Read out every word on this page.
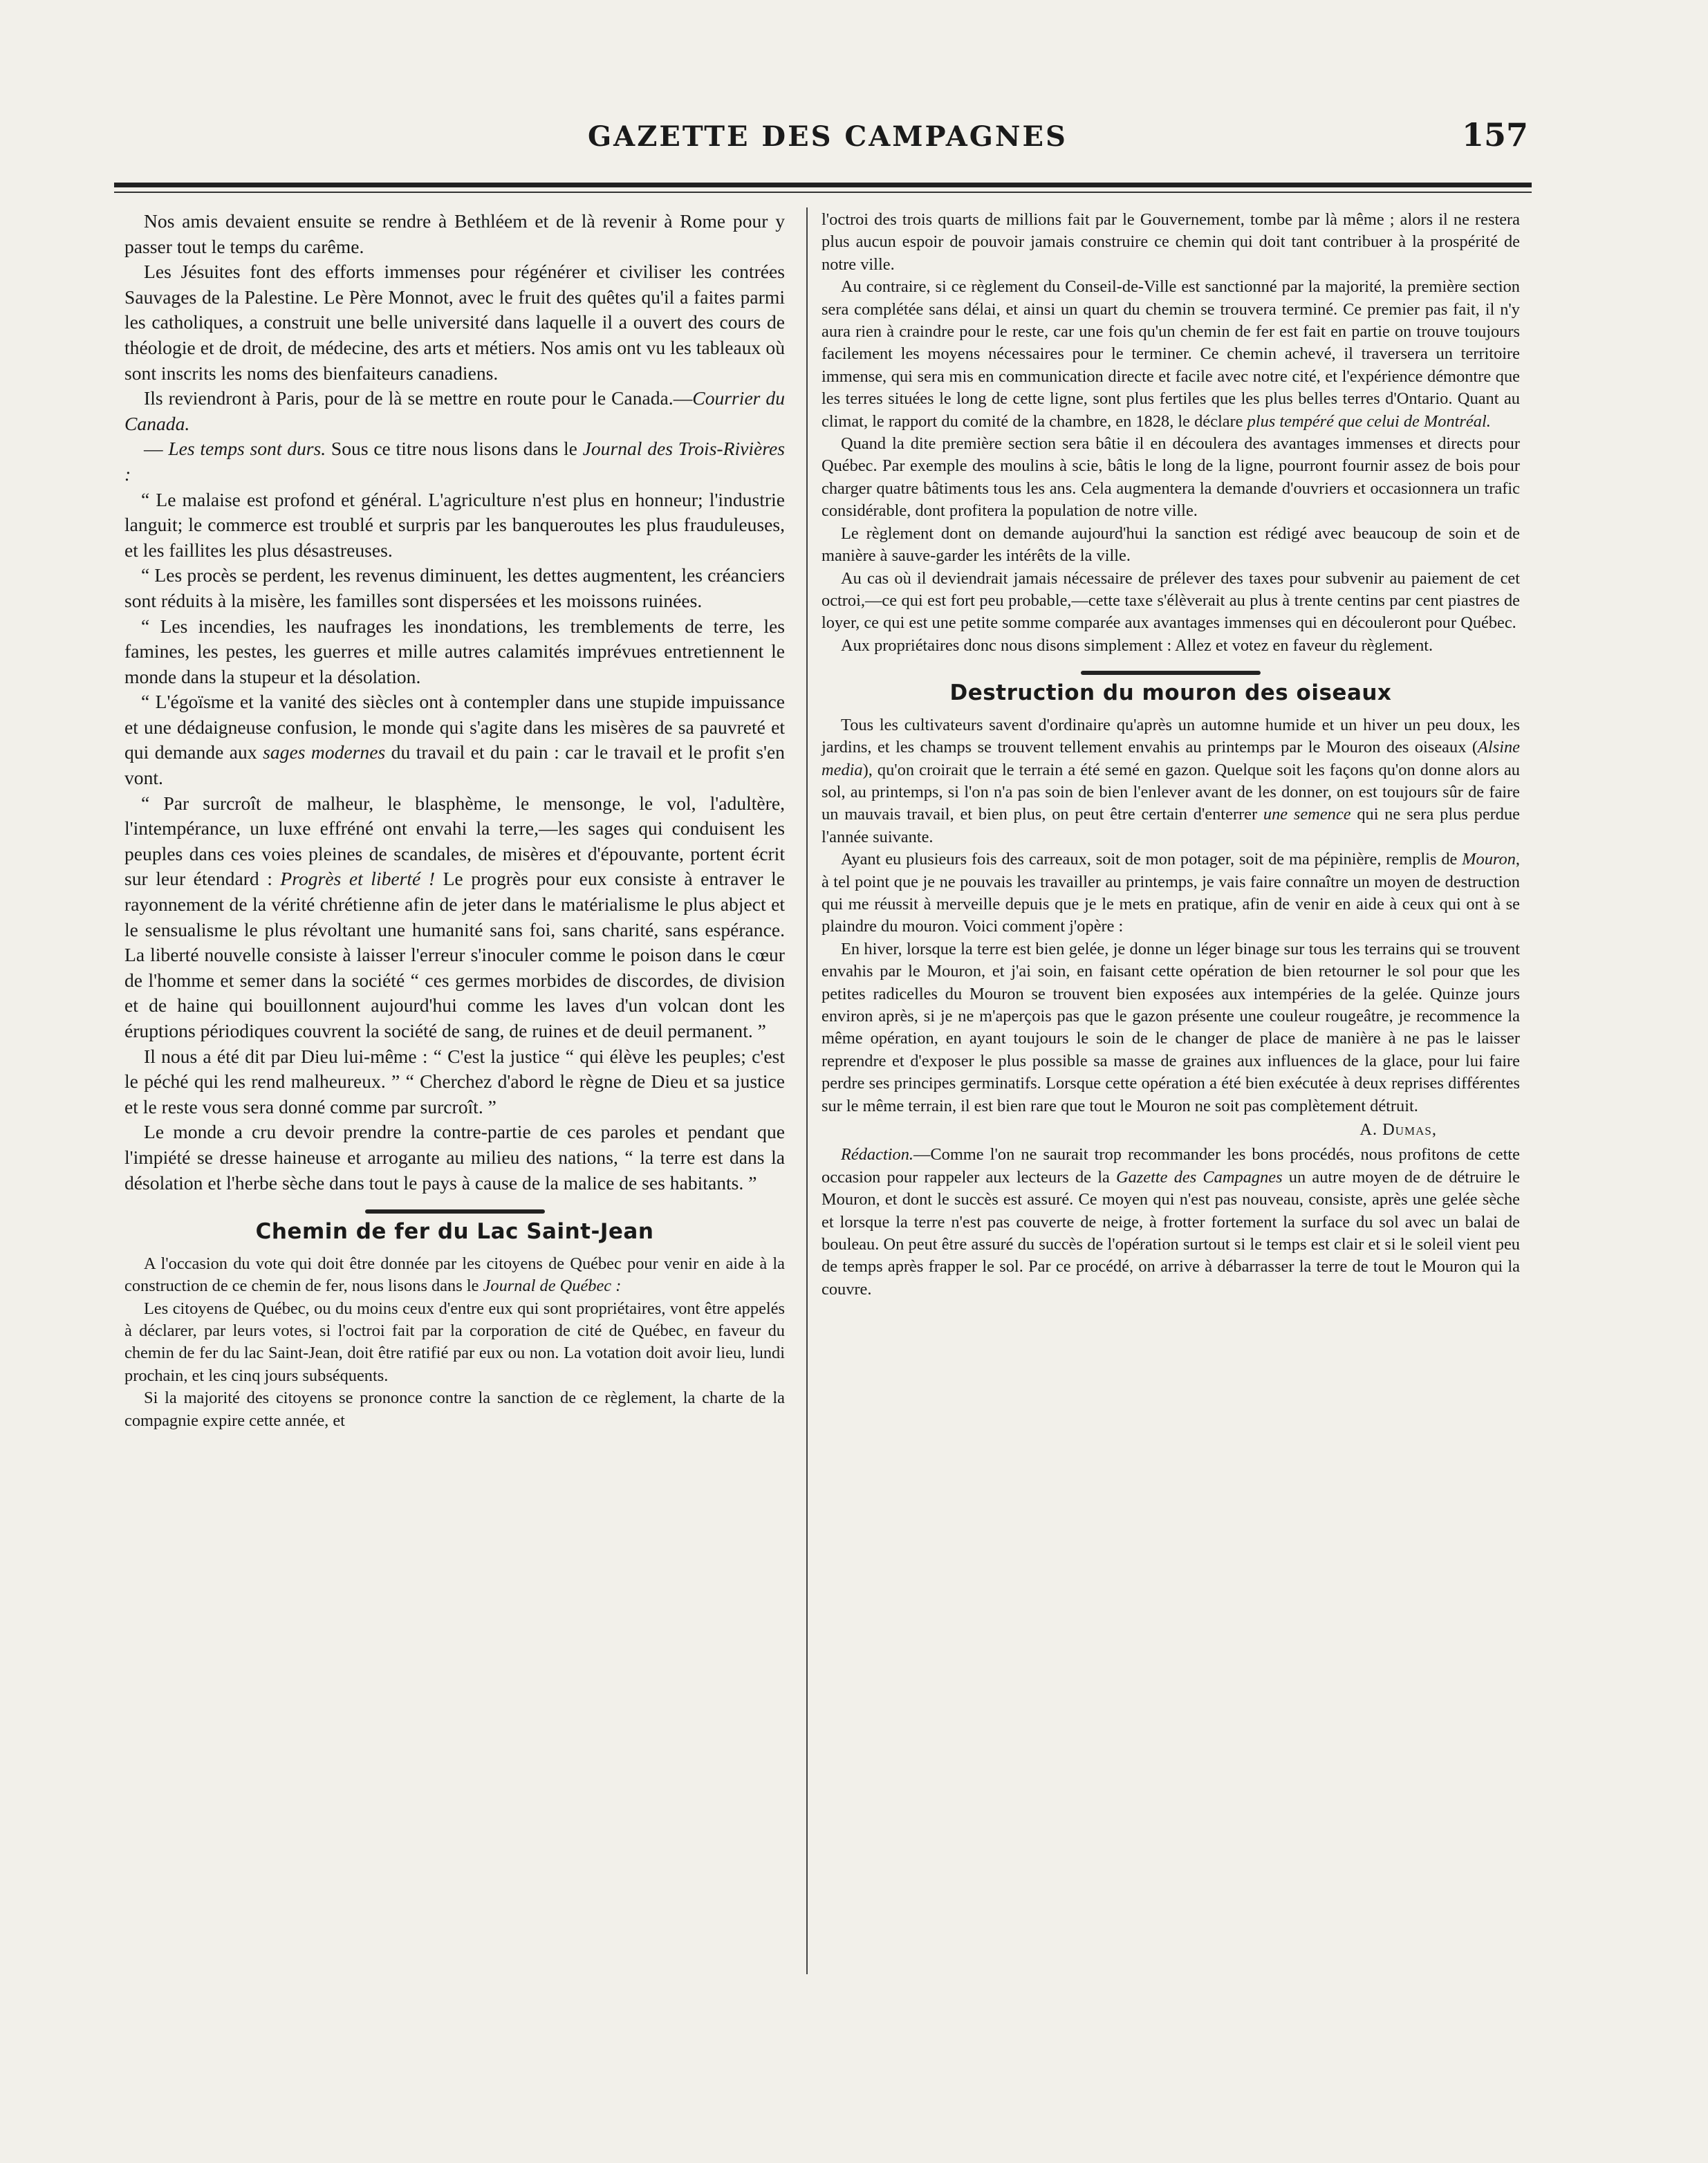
GAZETTE DES CAMPAGNES	157

Nos amis devaient ensuite se rendre à Bethléem et de là revenir à Rome pour y passer tout le temps du carême.

Les Jésuites font des efforts immenses pour régénérer et civiliser les contrées Sauvages de la Palestine. Le Père Monnot, avec le fruit des quêtes qu'il a faites parmi les catholiques, a construit une belle université dans laquelle il a ouvert des cours de théologie et de droit, de médecine, des arts et métiers. Nos amis ont vu les tableaux où sont inscrits les noms des bienfaiteurs canadiens.

Ils reviendront à Paris, pour de là se mettre en route pour le Canada.—Courrier du Canada.

— Les temps sont durs. Sous ce titre nous lisons dans le Journal des Trois-Rivières :

“ Le malaise est profond et général. L'agriculture n'est plus en honneur; l'industrie languit; le commerce est troublé et surpris par les banqueroutes les plus frauduleuses, et les faillites les plus désastreuses.

“ Les procès se perdent, les revenus diminuent, les dettes augmentent, les créanciers sont réduits à la misère, les familles sont dispersées et les moissons ruinées.

“ Les incendies, les naufrages les inondations, les tremblements de terre, les famines, les pestes, les guerres et mille autres calamités imprévues entretiennent le monde dans la stupeur et la désolation.

“ L'égoïsme et la vanité des siècles ont à contempler dans une stupide impuissance et une dédaigneuse confusion, le monde qui s'agite dans les misères de sa pauvreté et qui demande aux sages modernes du travail et du pain : car le travail et le profit s'en vont.

“ Par surcroît de malheur, le blasphème, le mensonge, le vol, l'adultère, l'intempérance, un luxe effréné ont envahi la terre,—les sages qui conduisent les peuples dans ces voies pleines de scandales, de misères et d'épouvante, portent écrit sur leur étendard : Progrès et liberté ! Le progrès pour eux consiste à entraver le rayonnement de la vérité chrétienne afin de jeter dans le matérialisme le plus abject et le sensualisme le plus révoltant une humanité sans foi, sans charité, sans espérance. La liberté nouvelle consiste à laisser l'erreur s'inoculer comme le poison dans le cœur de l'homme et semer dans la société “ ces germes morbides de discordes, de division et de haine qui bouillonnent aujourd'hui comme les laves d'un volcan dont les éruptions périodiques couvrent la société de sang, de ruines et de deuil permanent. ”

Il nous a été dit par Dieu lui-même : “ C'est la justice “ qui élève les peuples; c'est le péché qui les rend malheureux. ” “ Cherchez d'abord le règne de Dieu et sa justice et le reste vous sera donné comme par surcroît. ”

Le monde a cru devoir prendre la contre-partie de ces paroles et pendant que l'impiété se dresse haineuse et arrogante au milieu des nations, “ la terre est dans la désolation et l'herbe sèche dans tout le pays à cause de la malice de ses habitants. ”

Chemin de fer du Lac Saint-Jean

A l'occasion du vote qui doit être donnée par les citoyens de Québec pour venir en aide à la construction de ce chemin de fer, nous lisons dans le Journal de Québec :

Les citoyens de Québec, ou du moins ceux d'entre eux qui sont propriétaires, vont être appelés à déclarer, par leurs votes, si l'octroi fait par la corporation de cité de Québec, en faveur du chemin de fer du lac Saint-Jean, doit être ratifié par eux ou non. La votation doit avoir lieu, lundi prochain, et les cinq jours subséquents.

Si la majorité des citoyens se prononce contre la sanction de ce règlement, la charte de la compagnie expire cette année, et

l'octroi des trois quarts de millions fait par le Gouvernement, tombe par là même ; alors il ne restera plus aucun espoir de pouvoir jamais construire ce chemin qui doit tant contribuer à la prospérité de notre ville.

Au contraire, si ce règlement du Conseil-de-Ville est sanctionné par la majorité, la première section sera complétée sans délai, et ainsi un quart du chemin se trouvera terminé. Ce premier pas fait, il n'y aura rien à craindre pour le reste, car une fois qu'un chemin de fer est fait en partie on trouve toujours facilement les moyens nécessaires pour le terminer. Ce chemin achevé, il traversera un territoire immense, qui sera mis en communication directe et facile avec notre cité, et l'expérience démontre que les terres situées le long de cette ligne, sont plus fertiles que les plus belles terres d'Ontario. Quant au climat, le rapport du comité de la chambre, en 1828, le déclare plus tempéré que celui de Montréal.

Quand la dite première section sera bâtie il en découlera des avantages immenses et directs pour Québec. Par exemple des moulins à scie, bâtis le long de la ligne, pourront fournir assez de bois pour charger quatre bâtiments tous les ans. Cela augmentera la demande d'ouvriers et occasionnera un trafic considérable, dont profitera la population de notre ville.

Le règlement dont on demande aujourd'hui la sanction est rédigé avec beaucoup de soin et de manière à sauve-garder les intérêts de la ville.

Au cas où il deviendrait jamais nécessaire de prélever des taxes pour subvenir au paiement de cet octroi,—ce qui est fort peu probable,—cette taxe s'élèverait au plus à trente centins par cent piastres de loyer, ce qui est une petite somme comparée aux avantages immenses qui en découleront pour Québec.

Aux propriétaires donc nous disons simplement : Allez et votez en faveur du règlement.

Destruction du mouron des oiseaux

Tous les cultivateurs savent d'ordinaire qu'après un automne humide et un hiver un peu doux, les jardins, et les champs se trouvent tellement envahis au printemps par le Mouron des oiseaux (Alsine media), qu'on croirait que le terrain a été semé en gazon. Quelque soit les façons qu'on donne alors au sol, au printemps, si l'on n'a pas soin de bien l'enlever avant de les donner, on est toujours sûr de faire un mauvais travail, et bien plus, on peut être certain d'enterrer une semence qui ne sera plus perdue l'année suivante.

Ayant eu plusieurs fois des carreaux, soit de mon potager, soit de ma pépinière, remplis de Mouron, à tel point que je ne pouvais les travailler au printemps, je vais faire connaître un moyen de destruction qui me réussit à merveille depuis que je le mets en pratique, afin de venir en aide à ceux qui ont à se plaindre du mouron. Voici comment j'opère :

En hiver, lorsque la terre est bien gelée, je donne un léger binage sur tous les terrains qui se trouvent envahis par le Mouron, et j'ai soin, en faisant cette opération de bien retourner le sol pour que les petites radicelles du Mouron se trouvent bien exposées aux intempéries de la gelée. Quinze jours environ après, si je ne m'aperçois pas que le gazon présente une couleur rougeâtre, je recommence la même opération, en ayant toujours le soin de le changer de place de manière à ne pas le laisser reprendre et d'exposer le plus possible sa masse de graines aux influences de la glace, pour lui faire perdre ses principes germinatifs. Lorsque cette opération a été bien exécutée à deux reprises différentes sur le même terrain, il est bien rare que tout le Mouron ne soit pas complètement détruit.

A. Dumas,

Rédaction.—Comme l'on ne saurait trop recommander les bons procédés, nous profitons de cette occasion pour rappeler aux lecteurs de la Gazette des Campagnes un autre moyen de de détruire le Mouron, et dont le succès est assuré. Ce moyen qui n'est pas nouveau, consiste, après une gelée sèche et lorsque la terre n'est pas couverte de neige, à frotter fortement la surface du sol avec un balai de bouleau. On peut être assuré du succès de l'opération surtout si le temps est clair et si le soleil vient peu de temps après frapper le sol. Par ce procédé, on arrive à débarrasser la terre de tout le Mouron qui la couvre.
